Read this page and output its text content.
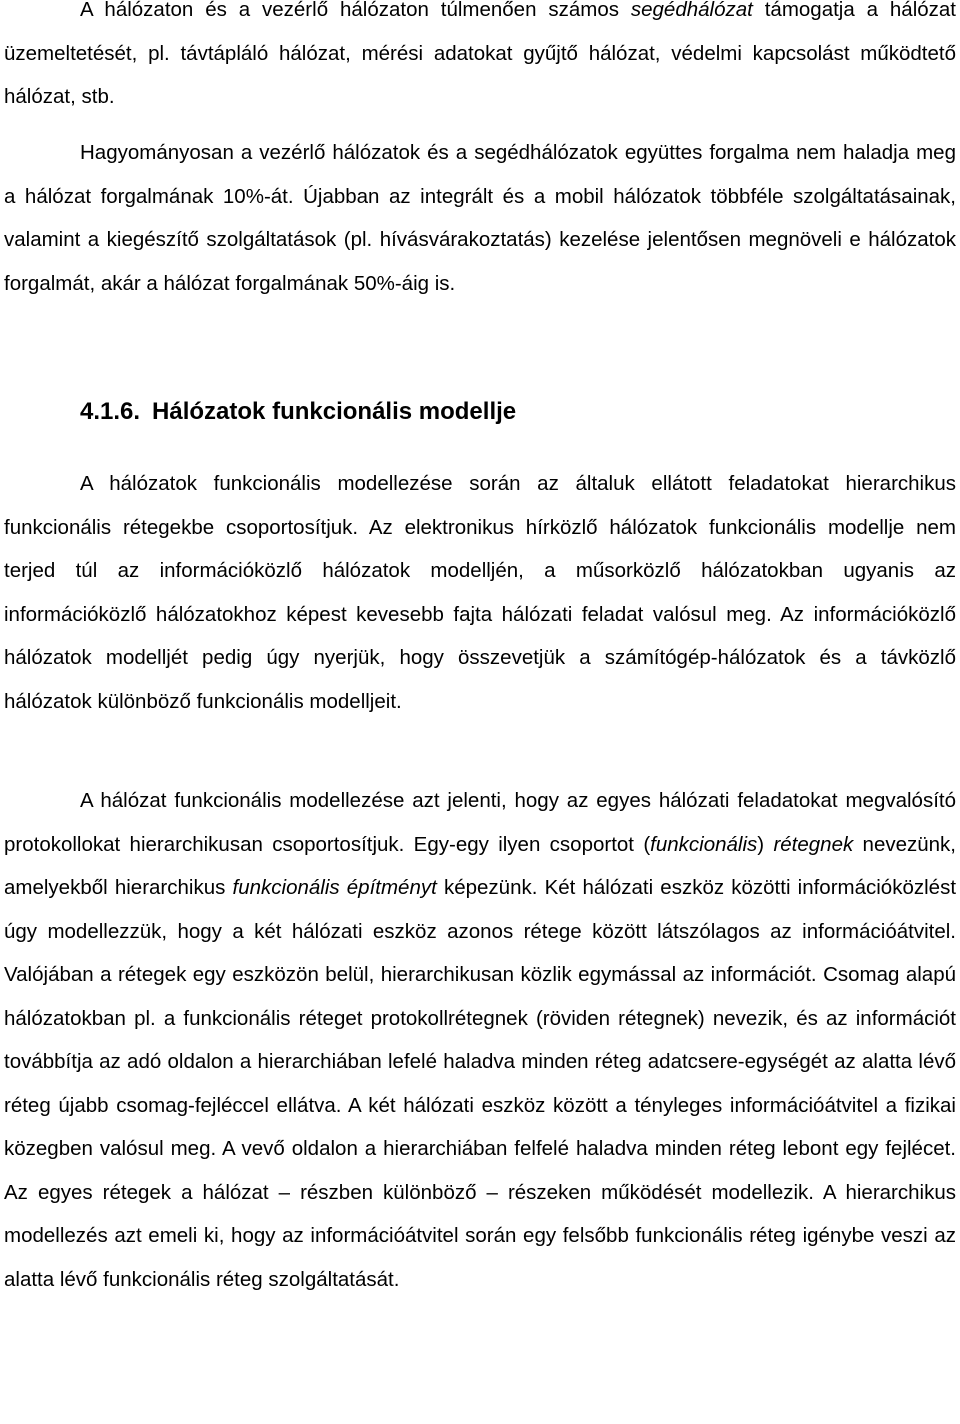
A hálózaton és a vezérlő hálózaton túlmenően számos segédhálózat támogatja a hálózat üzemeltetését, pl. távtápláló hálózat, mérési adatokat gyűjtő hálózat, védelmi kapcsolást működtető hálózat, stb.

Hagyományosan a vezérlő hálózatok és a segédhálózatok együttes forgalma nem haladja meg a hálózat forgalmának 10%-át. Újabban az integrált és a mobil hálózatok többféle szolgáltatásainak, valamint a kiegészítő szolgáltatások (pl. hívásvárakoztatás) kezelése jelentősen megnöveli e hálózatok forgalmát, akár a hálózat forgalmának 50%-áig is.

4.1.6. Hálózatok funkcionális modellje

A hálózatok funkcionális modellezése során az általuk ellátott feladatokat hierarchikus funkcionális rétegekbe csoportosítjuk. Az elektronikus hírközlő hálózatok funkcionális modellje nem terjed túl az információközlő hálózatok modelljén, a műsorközlő hálózatokban ugyanis az információközlő hálózatokhoz képest kevesebb fajta hálózati feladat valósul meg. Az információközlő hálózatok modelljét pedig úgy nyerjük, hogy összevetjük a számítógép-hálózatok és a távközlő hálózatok különböző funkcionális modelljeit.

A hálózat funkcionális modellezése azt jelenti, hogy az egyes hálózati feladatokat megvalósító protokollokat hierarchikusan csoportosítjuk. Egy-egy ilyen csoportot (funkcionális) rétegnek nevezünk, amelyekből hierarchikus funkcionális építményt képezünk. Két hálózati eszköz közötti információközlést úgy modellezzük, hogy a két hálózati eszköz azonos rétege között látszólagos az információátvitel. Valójában a rétegek egy eszközön belül, hierarchikusan közlik egymással az információt. Csomag alapú hálózatokban pl. a funkcionális réteget protokollrétegnek (röviden rétegnek) nevezik, és az információt továbbítja az adó oldalon a hierarchiában lefelé haladva minden réteg adatcsere-egységét az alatta lévő réteg újabb csomag-fejléccel ellátva. A két hálózati eszköz között a tényleges információátvitel a fizikai közegben valósul meg. A vevő oldalon a hierarchiában felfelé haladva minden réteg lebont egy fejlécet. Az egyes rétegek a hálózat – részben különböző – részeken működését modellezik. A hierarchikus modellezés azt emeli ki, hogy az információátvitel során egy felsőbb funkcionális réteg igénybe veszi az alatta lévő funkcionális réteg szolgáltatását.
